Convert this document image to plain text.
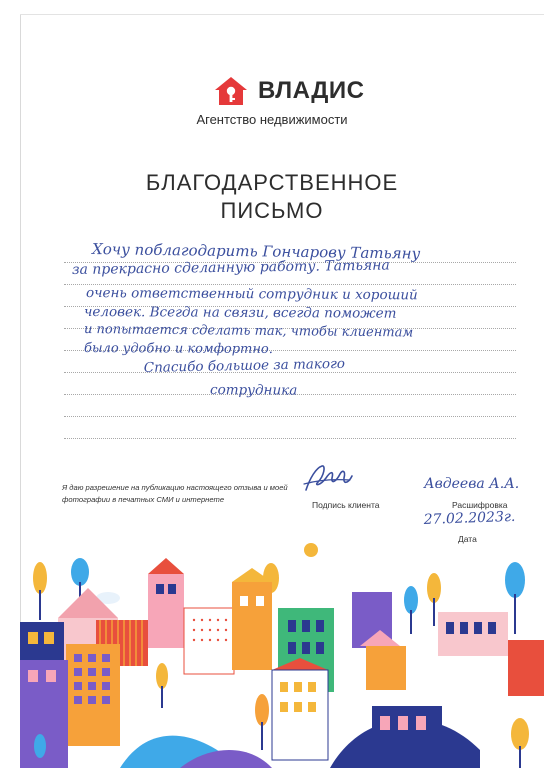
ВЛАДИС
Агентство недвижимости
БЛАГОДАРСТВЕННОЕ
ПИСЬМО
Хочу поблагодарить Гончарову Татьяну
за прекрасно сделанную работу. Татьяна
очень ответственный сотрудник и хороший
человек. Всегда на связи, всегда поможет
и попытается сделать так, чтобы клиентам
было удобно и комфортно.
Спасибо большое за такого
сотрудника
Я даю разрешение на публикацию настоящего отзыва и моей фотографии в печатных СМИ и интернете
Подпись клиента
Авдеева А.А.
Расшифровка
27.02.2023г.
Дата
